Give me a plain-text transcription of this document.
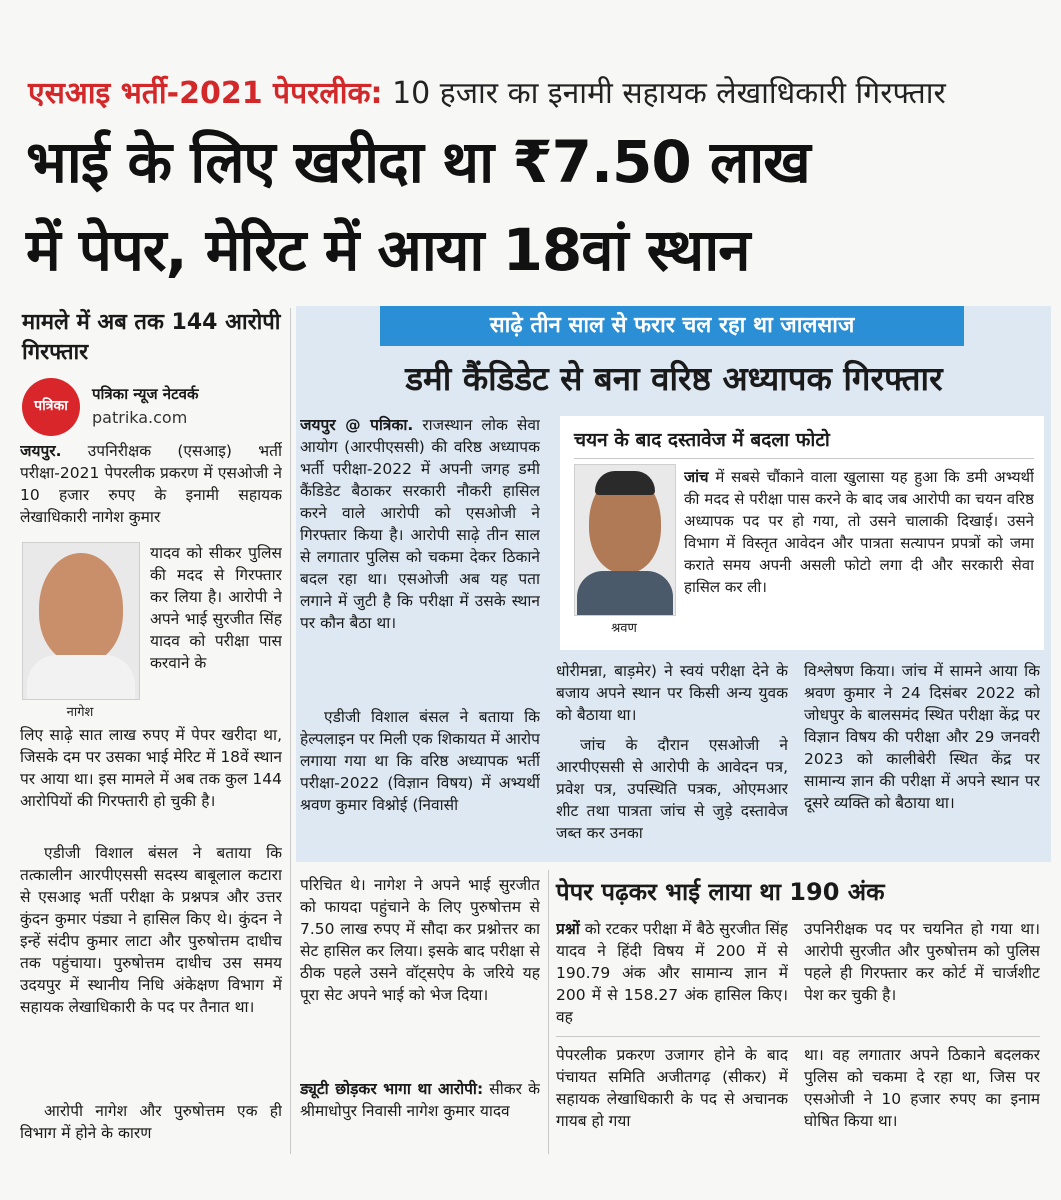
एसआइ भर्ती-2021 पेपरलीक: 10 हजार का इनामी सहायक लेखाधिकारी गिरफ्तार
भाई के लिए खरीदा था ₹7.50 लाख
में पेपर, मेरिट में आया 18वां स्थान
मामले में अब तक 144 आरोपी गिरफ्तार
पत्रिका
पत्रिका न्यूज नेटवर्क
patrika.com
जयपुर. उपनिरीक्षक (एसआइ) भर्ती परीक्षा-2021 पेपरलीक प्रकरण में एसओजी ने 10 हजार रुपए के इनामी सहायक लेखाधिकारी नागेश कुमार
नागेश
यादव को सीकर पुलिस की मदद से गिरफ्तार कर लिया है। आरोपी ने अपने भाई सुरजीत सिंह यादव को परीक्षा पास करवाने के
लिए साढ़े सात लाख रुपए में पेपर खरीदा था, जिसके दम पर उसका भाई मेरिट में 18वें स्थान पर आया था। इस मामले में अब तक कुल 144 आरोपियों की गिरफ्तारी हो चुकी है।

एडीजी विशाल बंसल ने बताया कि तत्कालीन आरपीएससी सदस्य बाबूलाल कटारा से एसआइ भर्ती परीक्षा के प्रश्नपत्र और उत्तर कुंदन कुमार पंड्या ने हासिल किए थे। कुंदन ने इन्हें संदीप कुमार लाटा और पुरुषोत्तम दाधीच तक पहुंचाया। पुरुषोत्तम दाधीच उस समय उदयपुर में स्थानीय निधि अंकेक्षण विभाग में सहायक लेखाधिकारी के पद पर तैनात था।

आरोपी नागेश और पुरुषोत्तम एक ही विभाग में होने के कारण

साढ़े तीन साल से फरार चल रहा था जालसाज
डमी कैंडिडेट से बना वरिष्ठ अध्यापक गिरफ्तार
जयपुर @ पत्रिका. राजस्थान लोक सेवा आयोग (आरपीएससी) की वरिष्ठ अध्यापक भर्ती परीक्षा-2022 में अपनी जगह डमी कैंडिडेट बैठाकर सरकारी नौकरी हासिल करने वाले आरोपी को एसओजी ने गिरफ्तार किया है। आरोपी साढ़े तीन साल से लगातार पुलिस को चकमा देकर ठिकाने बदल रहा था। एसओजी अब यह पता लगाने में जुटी है कि परीक्षा में उसके स्थान पर कौन बैठा था।

एडीजी विशाल बंसल ने बताया कि हेल्पलाइन पर मिली एक शिकायत में आरोप लगाया गया था कि वरिष्ठ अध्यापक भर्ती परीक्षा-2022 (विज्ञान विषय) में अभ्यर्थी श्रवण कुमार विश्नोई (निवासी

चयन के बाद दस्तावेज में बदला फोटो
श्रवण
जांच में सबसे चौंकाने वाला खुलासा यह हुआ कि डमी अभ्यर्थी की मदद से परीक्षा पास करने के बाद जब आरोपी का चयन वरिष्ठ अध्यापक पद पर हो गया, तो उसने चालाकी दिखाई। उसने विभाग में विस्तृत आवेदन और पात्रता सत्यापन प्रपत्रों को जमा कराते समय अपनी असली फोटो लगा दी और सरकारी सेवा हासिल कर ली।
धोरीमन्ना, बाड़मेर) ने स्वयं परीक्षा देने के बजाय अपने स्थान पर किसी अन्य युवक को बैठाया था।

जांच के दौरान एसओजी ने आरपीएससी से आरोपी के आवेदन पत्र, प्रवेश पत्र, उपस्थिति पत्रक, ओएमआर शीट तथा पात्रता जांच से जुड़े दस्तावेज जब्त कर उनका

विश्लेषण किया। जांच में सामने आया कि श्रवण कुमार ने 24 दिसंबर 2022 को जोधपुर के बालसमंद स्थित परीक्षा केंद्र पर विज्ञान विषय की परीक्षा और 29 जनवरी 2023 को कालीबेरी स्थित केंद्र पर सामान्य ज्ञान की परीक्षा में अपने स्थान पर दूसरे व्यक्ति को बैठाया था।
परिचित थे। नागेश ने अपने भाई सुरजीत को फायदा पहुंचाने के लिए पुरुषोत्तम से 7.50 लाख रुपए में सौदा कर प्रश्नोत्तर का सेट हासिल कर लिया। इसके बाद परीक्षा से ठीक पहले उसने वॉट्सऐप के जरिये यह पूरा सेट अपने भाई को भेज दिया।
ड्यूटी छोड़कर भागा था आरोपी: सीकर के श्रीमाधोपुर निवासी नागेश कुमार यादव
पेपर पढ़कर भाई लाया था 190 अंक
प्रश्नों को रटकर परीक्षा में बैठे सुरजीत सिंह यादव ने हिंदी विषय में 200 में से 190.79 अंक और सामान्य ज्ञान में 200 में से 158.27 अंक हासिल किए। वह
उपनिरीक्षक पद पर चयनित हो गया था। आरोपी सुरजीत और पुरुषोत्तम को पुलिस पहले ही गिरफ्तार कर कोर्ट में चार्जशीट पेश कर चुकी है।
पेपरलीक प्रकरण उजागर होने के बाद पंचायत समिति अजीतगढ़ (सीकर) में सहायक लेखाधिकारी के पद से अचानक गायब हो गया
था। वह लगातार अपने ठिकाने बदलकर पुलिस को चकमा दे रहा था, जिस पर एसओजी ने 10 हजार रुपए का इनाम घोषित किया था।
